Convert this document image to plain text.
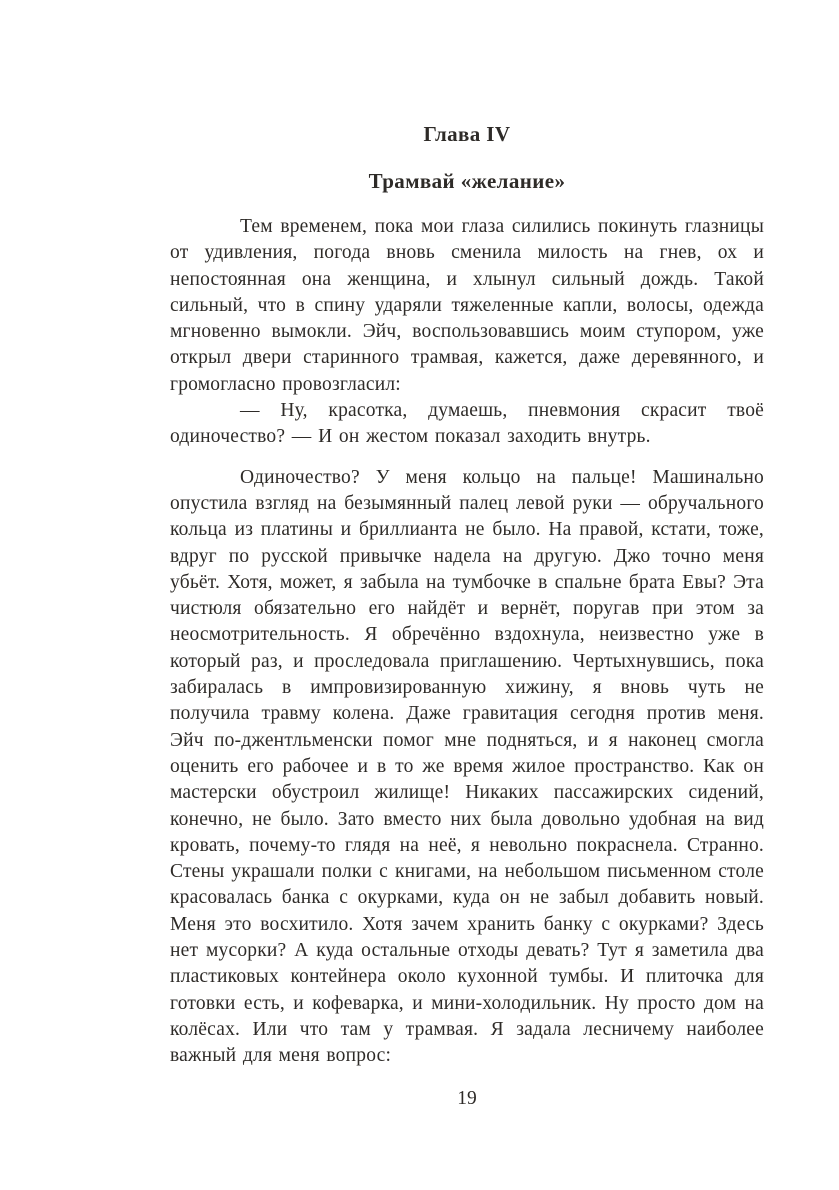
Глава IV
Трамвай «желание»

Тем временем, пока мои глаза силились покинуть глазницы от удивления, погода вновь сменила милость на гнев, ох и непостоянная она женщина, и хлынул сильный дождь. Такой сильный, что в спину ударяли тяжеленные капли, волосы, одежда мгновенно вымокли. Эйч, воспользовавшись моим ступором, уже открыл двери старинного трамвая, кажется, даже деревянного, и громогласно провозгласил:

— Ну, красотка, думаешь, пневмония скрасит твоё одиночество? — И он жестом показал заходить внутрь.

Одиночество? У меня кольцо на пальце! Машинально опустила взгляд на безымянный палец левой руки — обручального кольца из платины и бриллианта не было. На правой, кстати, тоже, вдруг по русской привычке надела на другую. Джо точно меня убьёт. Хотя, может, я забыла на тумбочке в спальне брата Евы? Эта чистюля обязательно его найдёт и вернёт, поругав при этом за неосмотрительность. Я обречённо вздохнула, неизвестно уже в который раз, и проследовала приглашению. Чертыхнувшись, пока забиралась в импровизированную хижину, я вновь чуть не получила травму колена. Даже гравитация сегодня против меня. Эйч по-джентльменски помог мне подняться, и я наконец смогла оценить его рабочее и в то же время жилое пространство. Как он мастерски обустроил жилище! Никаких пассажирских сидений, конечно, не было. Зато вместо них была довольно удобная на вид кровать, почему-то глядя на неё, я невольно покраснела. Странно. Стены украшали полки с книгами, на небольшом письменном столе красовалась банка с окурками, куда он не забыл добавить новый. Меня это восхитило. Хотя зачем хранить банку с окурками? Здесь нет мусорки? А куда остальные отходы девать? Тут я заметила два пластиковых контейнера около кухонной тумбы. И плиточка для готовки есть, и кофеварка, и мини-холодильник. Ну просто дом на колёсах. Или что там у трамвая. Я задала лесничему наиболее важный для меня вопрос:

19
